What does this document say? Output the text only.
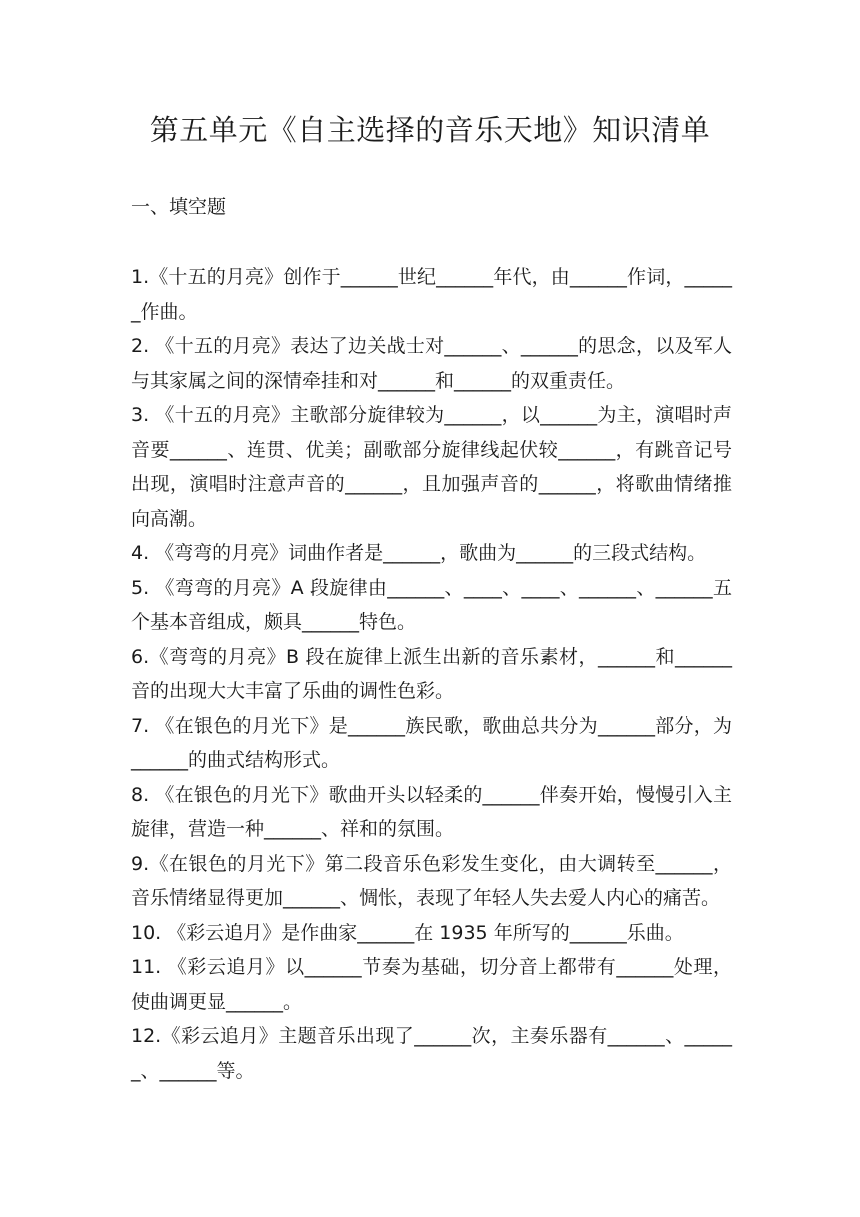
第五单元《自主选择的音乐天地》知识清单
一、填空题
1.《十五的月亮》创作于______世纪______年代，由______作词，______作曲。
2. 《十五的月亮》表达了边关战士对______、______的思念，以及军人与其家属之间的深情牵挂和对______和______的双重责任。
3. 《十五的月亮》主歌部分旋律较为______，以______为主，演唱时声音要______、连贯、优美；副歌部分旋律线起伏较______，有跳音记号出现，演唱时注意声音的______，且加强声音的______，将歌曲情绪推向高潮。
4. 《弯弯的月亮》词曲作者是______，歌曲为______的三段式结构。
5. 《弯弯的月亮》A 段旋律由______、____、____、______、______五个基本音组成，颇具______特色。
6.《弯弯的月亮》B 段在旋律上派生出新的音乐素材，______和______音的出现大大丰富了乐曲的调性色彩。
7. 《在银色的月光下》是______族民歌，歌曲总共分为______部分，为______的曲式结构形式。
8. 《在银色的月光下》歌曲开头以轻柔的______伴奏开始，慢慢引入主旋律，营造一种______、祥和的氛围。
9.《在银色的月光下》第二段音乐色彩发生变化，由大调转至______，音乐情绪显得更加______、惆怅，表现了年轻人失去爱人内心的痛苦。
10. 《彩云追月》是作曲家______在 1935 年所写的______乐曲。
11. 《彩云追月》以______节奏为基础，切分音上都带有______处理，使曲调更显______。
12.《彩云追月》主题音乐出现了______次，主奏乐器有______、______、______等。
